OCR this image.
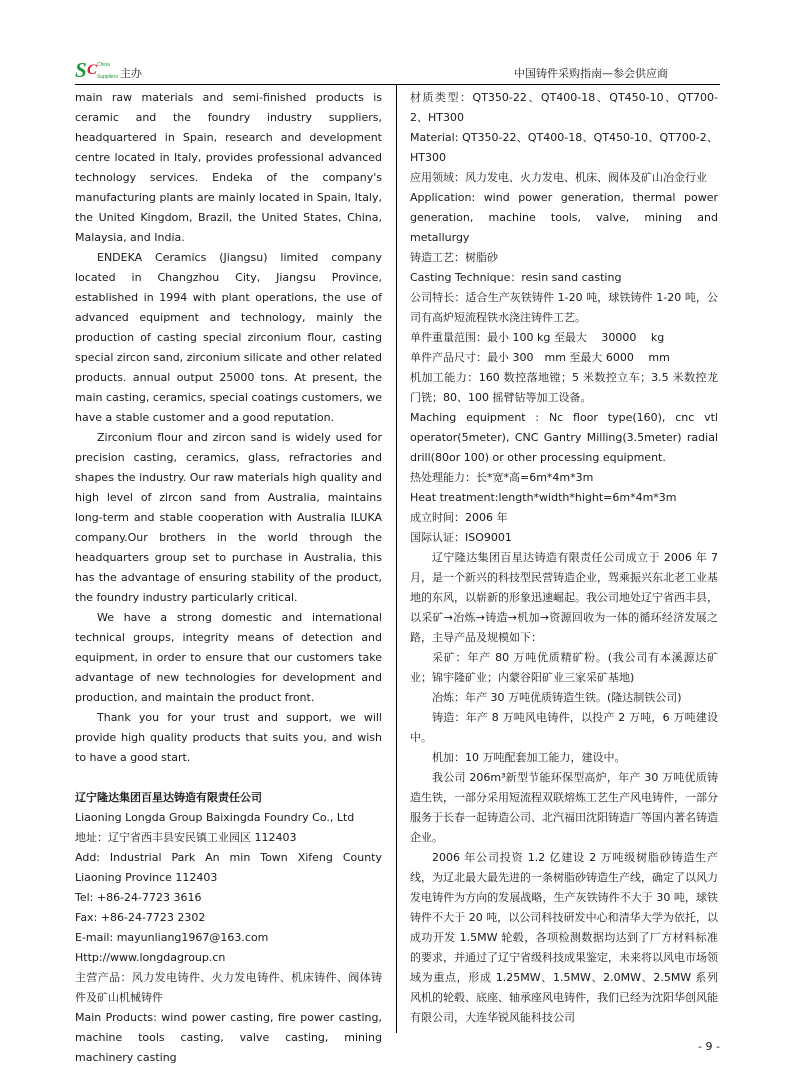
S C China
Suppliers 主办	中国铸件采购指南—参会供应商

main raw materials and semi-finished products is ceramic and the foundry industry suppliers, headquartered in Spain, research and development centre located in Italy, provides professional advanced technology services. Endeka of the company's manufacturing plants are mainly located in Spain, Italy, the United Kingdom, Brazil, the United States, China, Malaysia, and India.

ENDEKA Ceramics (Jiangsu) limited company located in Changzhou City, Jiangsu Province, established in 1994 with plant operations, the use of advanced equipment and technology, mainly the production of casting special zirconium flour, casting special zircon sand, zirconium silicate and other related products. annual output 25000 tons. At present, the main casting, ceramics, special coatings customers, we have a stable customer and a good reputation.

Zirconium flour and zircon sand is widely used for precision casting, ceramics, glass, refractories and shapes the industry. Our raw materials high quality and high level of zircon sand from Australia, maintains long-term and stable cooperation with Australia ILUKA company.Our brothers in the world through the headquarters group set to purchase in Australia, this has the advantage of ensuring stability of the product, the foundry industry particularly critical.

We have a strong domestic and international technical groups, integrity means of detection and equipment, in order to ensure that our customers take advantage of new technologies for development and production, and maintain the product front.

Thank you for your trust and support, we will provide high quality products that suits you, and wish to have a good start.

辽宁隆达集团百星达铸造有限责任公司

Liaoning Longda Group Baixingda Foundry Co., Ltd

地址：辽宁省西丰县安民镇工业园区 112403

Add: Industrial Park An min Town Xifeng County Liaoning Province 112403

Tel: +86-24-7723 3616

Fax: +86-24-7723 2302

E-mail: mayunliang1967@163.com

Http://www.longdagroup.cn

主营产品：风力发电铸件、火力发电铸件、机床铸件、阀体铸件及矿山机械铸件

Main Products: wind power casting, fire power casting, machine tools casting, valve casting, mining machinery casting

材质类型：QT350-22、QT400-18、QT450-10、QT700-2、HT300

Material: QT350-22、QT400-18、QT450-10、QT700-2、HT300

应用领域：风力发电、火力发电、机床、阀体及矿山冶金行业

Application: wind power generation, thermal power generation, machine tools, valve, mining and metallurgy

铸造工艺：树脂砂

Casting Technique：resin sand casting

公司特长：适合生产灰铁铸件 1-20 吨，球铁铸件 1-20 吨，公司有高炉短流程铁水浇注铸件工艺。

单件重量范围：最小 100 kg 至最大　 30000　 kg

单件产品尺寸：最小 300　mm 至最大 6000　 mm

机加工能力：160 数控落地镗；5 米数控立车；3.5 米数控龙门铣；80、100 摇臂钻等加工设备。

Maching equipment : Nc floor type(160), cnc vtl operator(5meter), CNC Gantry Milling(3.5meter) radial drill(80or 100) or other processing equipment.

热处理能力：长*宽*高=6m*4m*3m

Heat treatment:length*width*hight=6m*4m*3m

成立时间：2006 年

国际认证：ISO9001

辽宁隆达集团百星达铸造有限责任公司成立于 2006 年 7 月，是一个新兴的科技型民营铸造企业，驾乘振兴东北老工业基地的东风，以崭新的形象迅速崛起。我公司地处辽宁省西丰县，以采矿→冶炼→铸造→机加→资源回收为一体的循环经济发展之路，主导产品及规模如下：

采矿：年产 80 万吨优质精矿粉。(我公司有本溪源达矿业；锦宇隆矿业；内蒙谷阳矿业三家采矿基地)

冶炼：年产 30 万吨优质铸造生铁。(隆达制铁公司)

铸造：年产 8 万吨风电铸件，以投产 2 万吨，6 万吨建设中。

机加：10 万吨配套加工能力，建设中。

我公司 206m³新型节能环保型高炉，年产 30 万吨优质铸造生铁，一部分采用短流程双联熔炼工艺生产风电铸件，一部分服务于长春一起铸造公司、北汽福田沈阳铸造厂等国内著名铸造企业。

2006 年公司投资 1.2 亿建设 2 万吨级树脂砂铸造生产线，为辽北最大最先进的一条树脂砂铸造生产线，确定了以风力发电铸件为方向的发展战略，生产灰铁铸件不大于 30 吨，球铁铸件不大于 20 吨，以公司科技研发中心和清华大学为依托，以成功开发 1.5MW 轮毂，各项检测数据均达到了厂方材料标准的要求，并通过了辽宁省级科技成果鉴定，未来将以风电市场领域为重点，形成 1.25MW、1.5MW、2.0MW、2.5MW 系列风机的轮毂、底座、轴承座风电铸件，我们已经为沈阳华创风能有限公司，大连华锐风能科技公司

- 9 -
